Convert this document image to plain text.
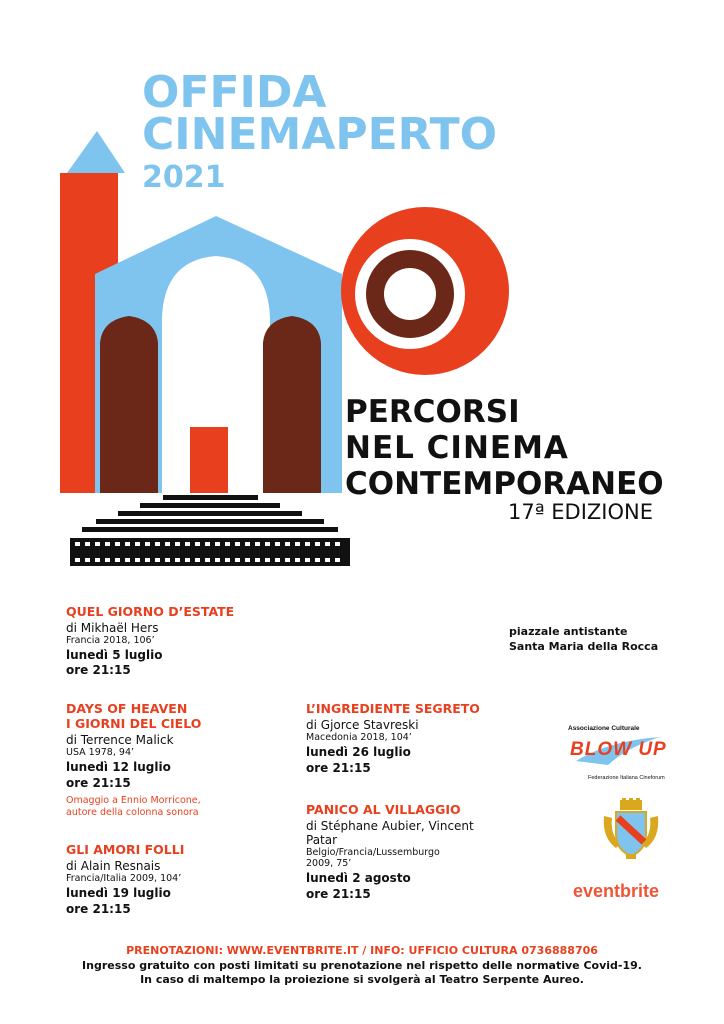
OFFIDA
CINEMAPERTO
2021
PERCORSI
NEL CINEMA
CONTEMPORANEO
17ª EDIZIONE
QUEL GIORNO D’ESTATE
di Mikhaël Hers
Francia 2018, 106’
lunedì 5 luglio
ore 21:15
DAYS OF HEAVEN
I GIORNI DEL CIELO
di Terrence Malick
USA 1978, 94’
lunedì 12 luglio
ore 21:15
Omaggio a Ennio Morricone,
autore della colonna sonora
GLI AMORI FOLLI
di Alain Resnais
Francia/Italia 2009, 104’
lunedì 19 luglio
ore 21:15
L’INGREDIENTE SEGRETO
di Gjorce Stavreski
Macedonia 2018, 104’
lunedì 26 luglio
ore 21:15
PANICO AL VILLAGGIO
di Stéphane Aubier, Vincent
Patar
Belgio/Francia/Lussemburgo
2009, 75’
lunedì 2 agosto
ore 21:15
piazzale antistante
Santa Maria della Rocca
Associazione Culturale
BLOW UP
Federazione Italiana Cineforum
eventbrite
PRENOTAZIONI: WWW.EVENTBRITE.IT / INFO: UFFICIO CULTURA 0736888706
Ingresso gratuito con posti limitati su prenotazione nel rispetto delle normative Covid-19.
In caso di maltempo la proiezione si svolgerà al Teatro Serpente Aureo.
